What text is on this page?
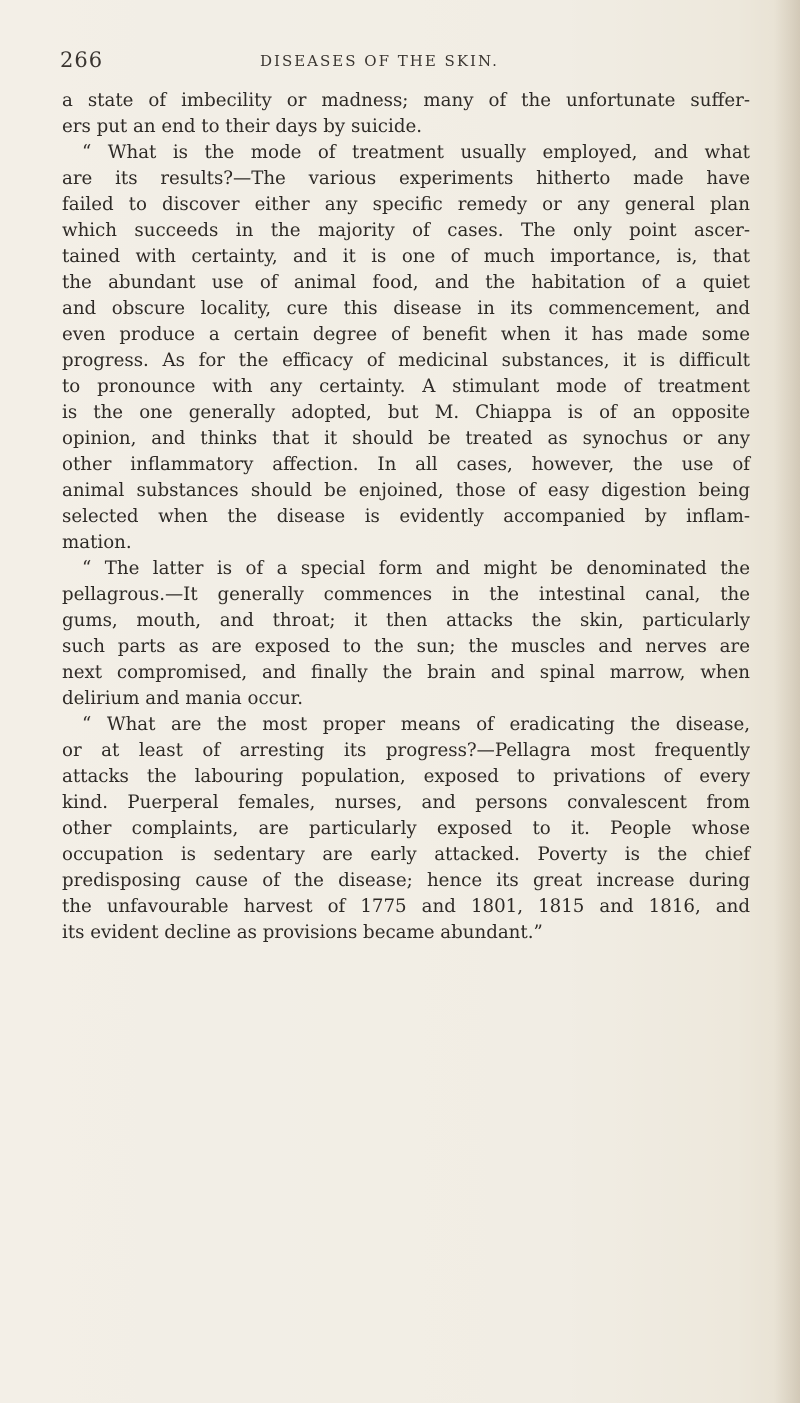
266	DISEASES OF THE SKIN.
a state of imbecility or madness; many of the unfortunate suffer-
ers put an end to their days by suicide.
“ What is the mode of treatment usually employed, and what
are its results?—The various experiments hitherto made have
failed to discover either any specific remedy or any general plan
which succeeds in the majority of cases. The only point ascer-
tained with certainty, and it is one of much importance, is, that
the abundant use of animal food, and the habitation of a quiet
and obscure locality, cure this disease in its commencement, and
even produce a certain degree of benefit when it has made some
progress. As for the efficacy of medicinal substances, it is difficult
to pronounce with any certainty. A stimulant mode of treatment
is the one generally adopted, but M. Chiappa is of an opposite
opinion, and thinks that it should be treated as synochus or any
other inflammatory affection. In all cases, however, the use of
animal substances should be enjoined, those of easy digestion being
selected when the disease is evidently accompanied by inflam-
mation.
“ The latter is of a special form and might be denominated the
pellagrous.—It generally commences in the intestinal canal, the
gums, mouth, and throat; it then attacks the skin, particularly
such parts as are exposed to the sun; the muscles and nerves are
next compromised, and finally the brain and spinal marrow, when
delirium and mania occur.
“ What are the most proper means of eradicating the disease,
or at least of arresting its progress?—Pellagra most frequently
attacks the labouring population, exposed to privations of every
kind. Puerperal females, nurses, and persons convalescent from
other complaints, are particularly exposed to it. People whose
occupation is sedentary are early attacked. Poverty is the chief
predisposing cause of the disease; hence its great increase during
the unfavourable harvest of 1775 and 1801, 1815 and 1816, and
its evident decline as provisions became abundant.”
